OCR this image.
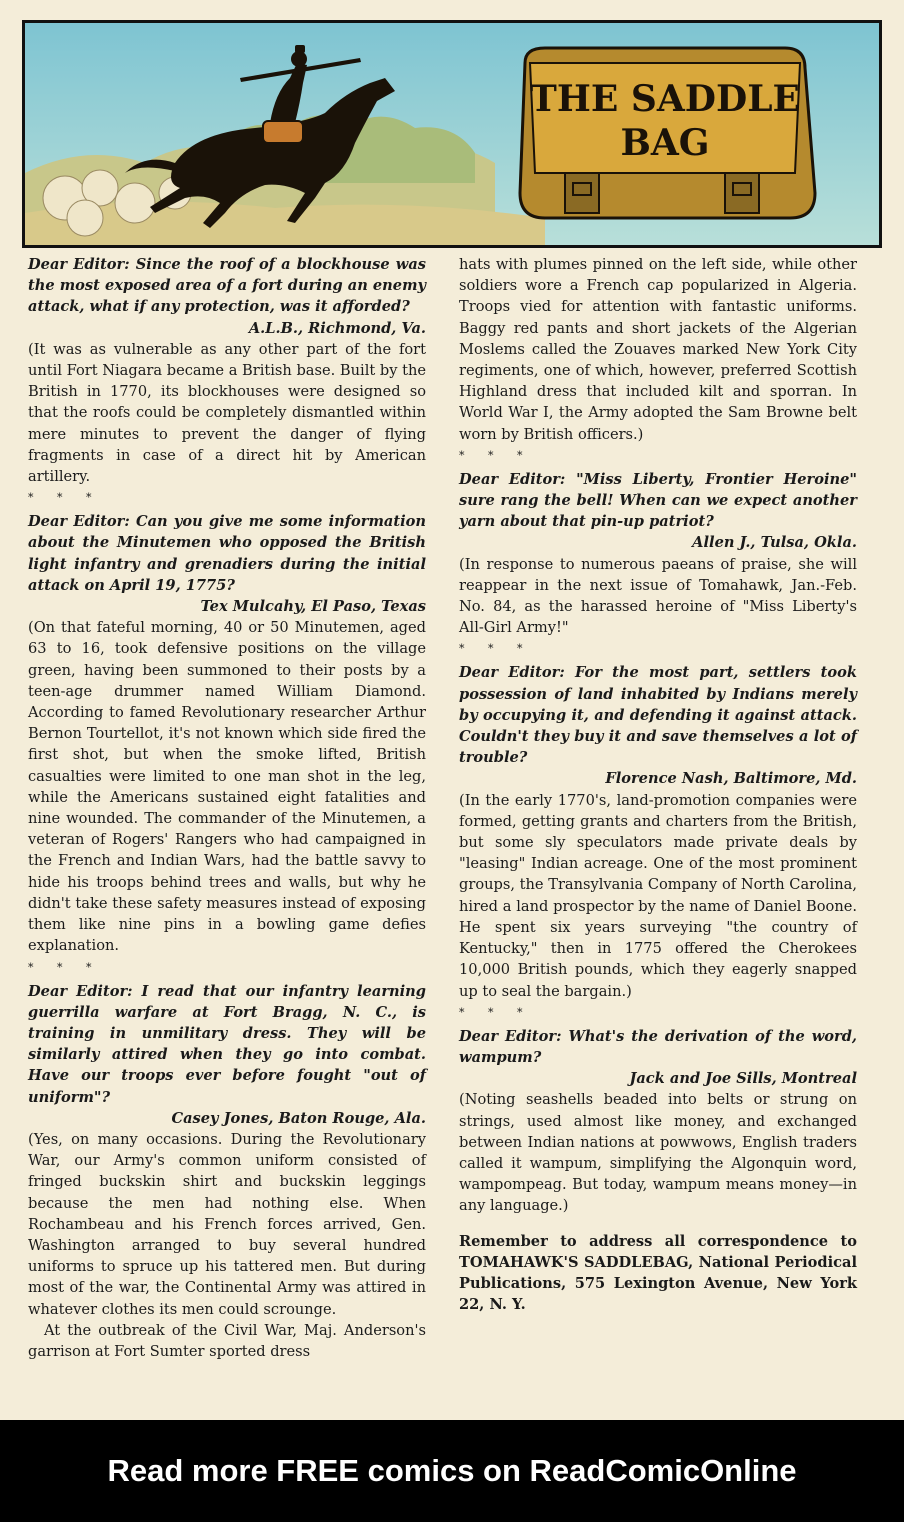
THE SADDLE
BAG

Dear Editor: Since the roof of a blockhouse was the most exposed area of a fort during an enemy attack, what if any protection, was it afforded?

A.L.B., Richmond, Va.

(It was as vulnerable as any other part of the fort until Fort Niagara became a British base. Built by the British in 1770, its blockhouses were designed so that the roofs could be completely dismantled within mere minutes to prevent the danger of flying fragments in case of a direct hit by American artillery.

* * *

Dear Editor: Can you give me some information about the Minutemen who opposed the British light infantry and grenadiers during the initial attack on April 19, 1775?

Tex Mulcahy, El Paso, Texas

(On that fateful morning, 40 or 50 Minutemen, aged 63 to 16, took defensive positions on the village green, having been summoned to their posts by a teen-age drummer named William Diamond. According to famed Revolutionary researcher Arthur Bernon Tourtellot, it's not known which side fired the first shot, but when the smoke lifted, British casualties were limited to one man shot in the leg, while the Americans sustained eight fatalities and nine wounded. The commander of the Minutemen, a veteran of Rogers' Rangers who had campaigned in the French and Indian Wars, had the battle savvy to hide his troops behind trees and walls, but why he didn't take these safety measures instead of exposing them like nine pins in a bowling game defies explanation.

* * *

Dear Editor: I read that our infantry learning guerrilla warfare at Fort Bragg, N. C., is training in unmilitary dress. They will be similarly attired when they go into combat. Have our troops ever before fought "out of uniform"?

Casey Jones, Baton Rouge, Ala.

(Yes, on many occasions. During the Revolutionary War, our Army's common uniform consisted of fringed buckskin shirt and buckskin leggings because the men had nothing else. When Rochambeau and his French forces arrived, Gen. Washington arranged to buy several hundred uniforms to spruce up his tattered men. But during most of the war, the Continental Army was attired in whatever clothes its men could scrounge.

At the outbreak of the Civil War, Maj. Anderson's garrison at Fort Sumter sported dress

hats with plumes pinned on the left side, while other soldiers wore a French cap popularized in Algeria. Troops vied for attention with fantastic uniforms. Baggy red pants and short jackets of the Algerian Moslems called the Zouaves marked New York City regiments, one of which, however, preferred Scottish Highland dress that included kilt and sporran. In World War I, the Army adopted the Sam Browne belt worn by British officers.)

* * *

Dear Editor: "Miss Liberty, Frontier Heroine" sure rang the bell! When can we expect another yarn about that pin-up patriot?

Allen J., Tulsa, Okla.

(In response to numerous paeans of praise, she will reappear in the next issue of Tomahawk, Jan.-Feb. No. 84, as the harassed heroine of "Miss Liberty's All-Girl Army!"

* * *

Dear Editor: For the most part, settlers took possession of land inhabited by Indians merely by occupying it, and defending it against attack. Couldn't they buy it and save themselves a lot of trouble?

Florence Nash, Baltimore, Md.

(In the early 1770's, land-promotion companies were formed, getting grants and charters from the British, but some sly speculators made private deals by "leasing" Indian acreage. One of the most prominent groups, the Transylvania Company of North Carolina, hired a land prospector by the name of Daniel Boone. He spent six years surveying "the country of Kentucky," then in 1775 offered the Cherokees 10,000 British pounds, which they eagerly snapped up to seal the bargain.)

* * *

Dear Editor: What's the derivation of the word, wampum?

Jack and Joe Sills, Montreal

(Noting seashells beaded into belts or strung on strings, used almost like money, and exchanged between Indian nations at powwows, English traders called it wampum, simplifying the Algonquin word, wampompeag. But today, wampum means money—in any language.)

Remember to address all correspondence to TOMAHAWK'S SADDLEBAG, National Periodical Publications, 575 Lexington Avenue, New York 22, N. Y.

Read more FREE comics on ReadComicOnline
